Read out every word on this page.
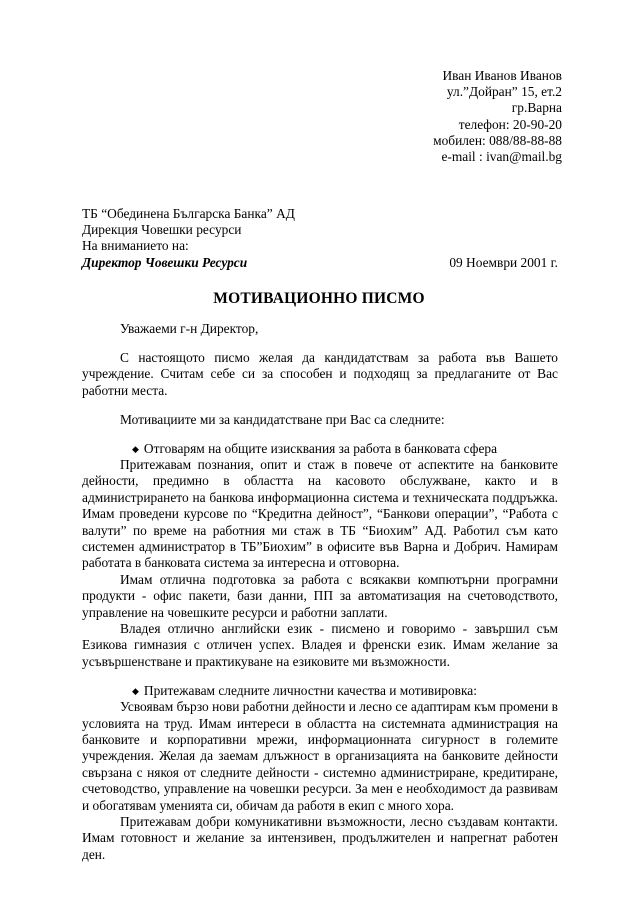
Иван Иванов Иванов
ул.”Дойран” 15, ет.2
гр.Варна
телефон: 20-90-20
мобилен: 088/88-88-88
e-mail : ivan@mail.bg
ТБ “Обединена Българска Банка” АД
Дирекция Човешки ресурси
На вниманието на:
Директор Човешки Ресурси	09 Ноември 2001 г.
МОТИВАЦИОННО ПИСМО

Уважаеми г-н Директор,

С настоящото писмо желая да кандидатствам за работа във Вашето учреждение. Считам себе си за способен и подходящ за предлаганите от Вас работни места.

Мотивациите ми за кандидатстване при Вас са следните:

◆ Отговарям на общите изисквания за работа в банковата сфера

Притежавам познания, опит и стаж в повече от аспектите на банковите дейности, предимно в областта на касовото обслужване, както и в администрирането на банкова информационна система и техническата поддръжка. Имам проведени курсове по “Кредитна дейност”, “Банкови операции”, “Работа с валути” по време на работния ми стаж в ТБ “Биохим” АД. Работил съм като системен администратор в ТБ”Биохим” в офисите във Варна и Добрич. Намирам работата в банковата система за интересна и отговорна.

Имам отлична подготовка за работа с всякакви компютърни програмни продукти - офис пакети, бази данни, ПП за автоматизация на счетоводството, управление на човешките ресурси и работни заплати.

Владея отлично английски език - писмено и говоримо - завършил съм Езикова гимназия с отличен успех. Владея и френски език. Имам желание за усъвършенстване и практикуване на езиковите ми възможности.

◆ Притежавам следните личностни качества и мотивировка:

Усвоявам бързо нови работни дейности и лесно се адаптирам към промени в условията на труд. Имам интереси в областта на системната администрация на банковите и корпоративни мрежи, информационната сигурност в големите учреждения. Желая да заемам длъжност в организацията на банковите дейности свързана с някоя от следните дейности - системно администриране, кредитиране, счетоводство, управление на човешки ресурси. За мен е необходимост да развивам и обогатявам уменията си, обичам да работя в екип с много хора.

Притежавам добри комуникативни възможности, лесно създавам контакти. Имам готовност и желание за интензивен, продължителен и напрегнат работен ден.
